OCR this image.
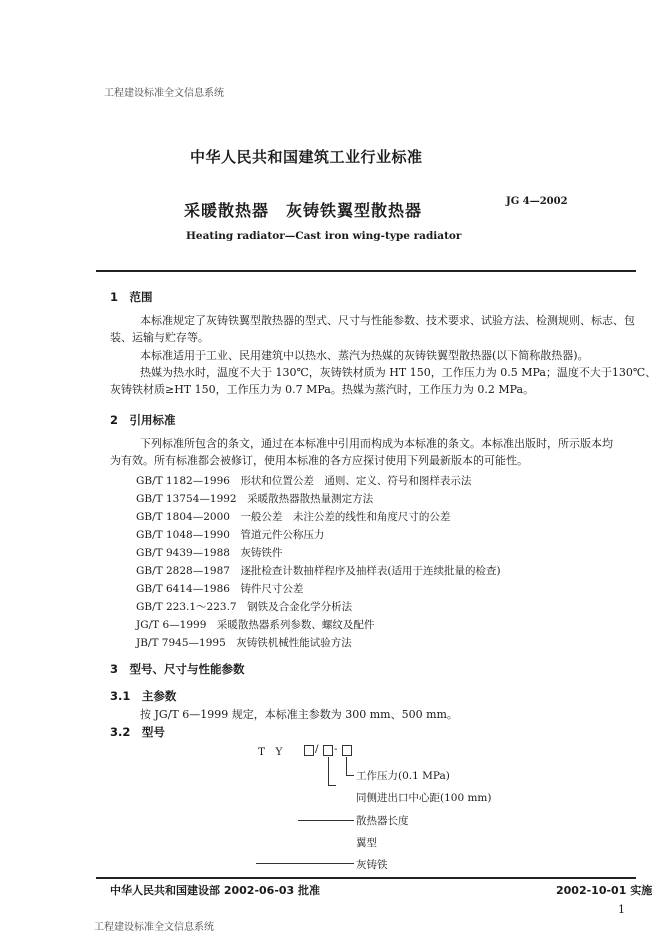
工程建设标准全文信息系统
中华人民共和国建筑工业行业标准
采暖散热器　灰铸铁翼型散热器	JG 4—2002
Heating radiator—Cast iron wing-type radiator
1　范围
本标准规定了灰铸铁翼型散热器的型式、尺寸与性能参数、技术要求、试验方法、检测规则、标志、包
装、运输与贮存等。
本标准适用于工业、民用建筑中以热水、蒸汽为热媒的灰铸铁翼型散热器(以下简称散热器)。
热媒为热水时，温度不大于 130℃，灰铸铁材质为 HT 150，工作压力为 0.5 MPa；温度不大于130℃、
灰铸铁材质≥HT 150，工作压力为 0.7 MPa。热媒为蒸汽时，工作压力为 0.2 MPa。
2　引用标准
下列标准所包含的条文，通过在本标准中引用而构成为本标准的条文。本标准出版时，所示版本均
为有效。所有标准都会被修订，使用本标准的各方应探讨使用下列最新版本的可能性。
GB/T 1182—1996　 形状和位置公差　通则、定义、符号和图样表示法
GB/T 13754—1992　 采暖散热器散热量测定方法
GB/T 1804—2000　 一般公差　未注公差的线性和角度尺寸的公差
GB/T 1048—1990　 管道元件公称压力
GB/T 9439—1988　 灰铸铁件
GB/T 2828—1987　 逐批检查计数抽样程序及抽样表(适用于连续批量的检查)
GB/T 6414—1986　 铸件尺寸公差
GB/T 223.1～223.7　 钢铁及合金化学分析法
JG/T 6—1999　 采暖散热器系列参数、螺纹及配件
JB/T 7945—1995　 灰铸铁机械性能试验方法
3　型号、尺寸与性能参数
3.1　主参数
按 JG/T 6—1999 规定，本标准主参数为 300 mm、500 mm。
3.2　型号
T　Y	/ -
工作压力(0.1 MPa)
同侧进出口中心距(100 mm)
散热器长度
翼型
灰铸铁
中华人民共和国建设部 2002-06-03 批准	2002-10-01 实施
1
工程建设标准全文信息系统
